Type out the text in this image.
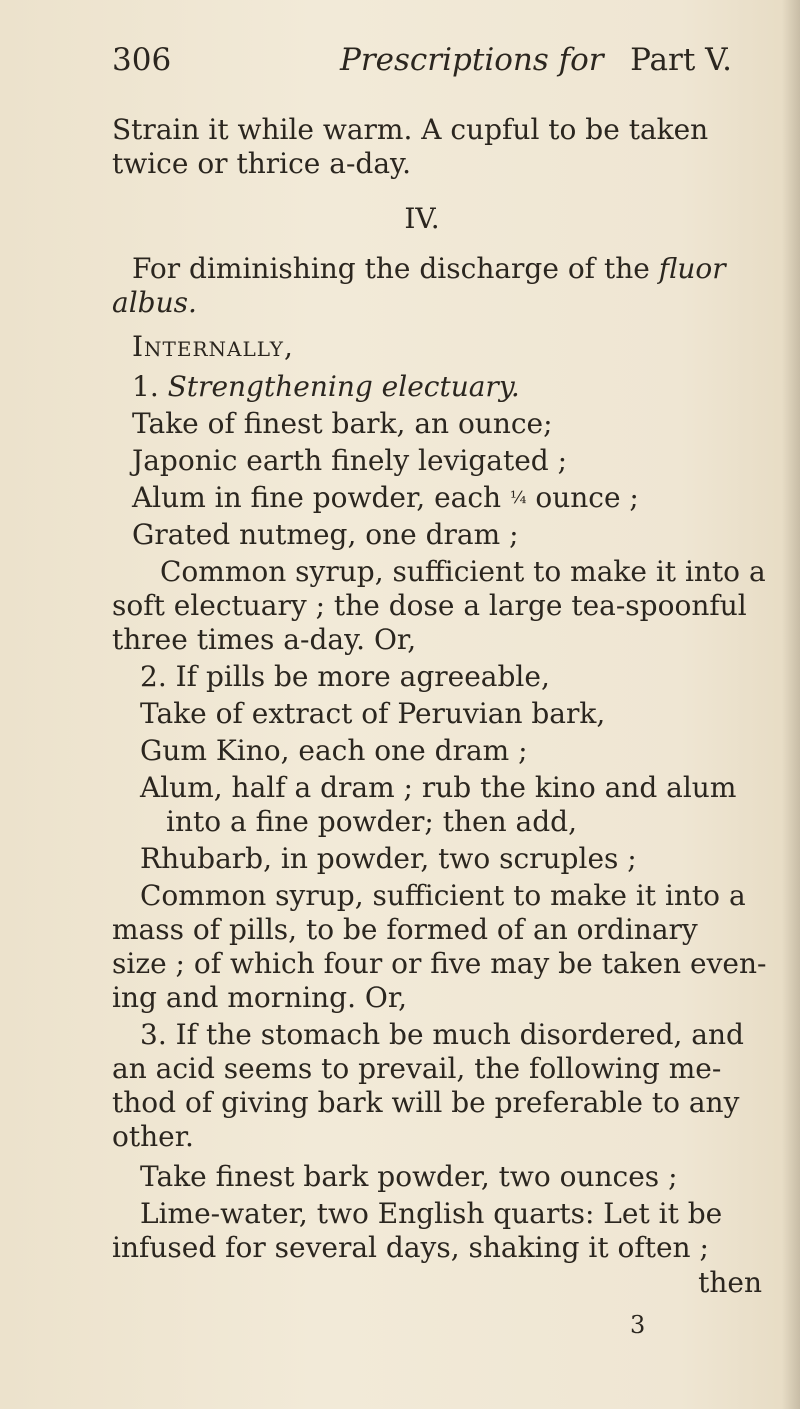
306	Prescriptions for Part V.
Strain it while warm. A cupful to be taken
twice or thrice a-day.
IV.
For diminishing the discharge of the fluor
albus.
Internally,
1. Strengthening electuary.
Take of finest bark, an ounce;
Japonic earth finely levigated ;
Alum in fine powder, each ¼ ounce ;
Grated nutmeg, one dram ;
Common syrup, sufficient to make it into a
soft electuary ; the dose a large tea-spoonful
three times a-day. Or,
2. If pills be more agreeable,
Take of extract of Peruvian bark,
Gum Kino, each one dram ;
Alum, half a dram ; rub the kino and alum
into a fine powder; then add,
Rhubarb, in powder, two scruples ;
Common syrup, sufficient to make it into a
mass of pills, to be formed of an ordinary
size ; of which four or five may be taken even-
ing and morning. Or,
3. If the stomach be much disordered, and
an acid seems to prevail, the following me-
thod of giving bark will be preferable to any
other.
Take finest bark powder, two ounces ;
Lime-water, two English quarts: Let it be
infused for several days, shaking it often ;
then
3
